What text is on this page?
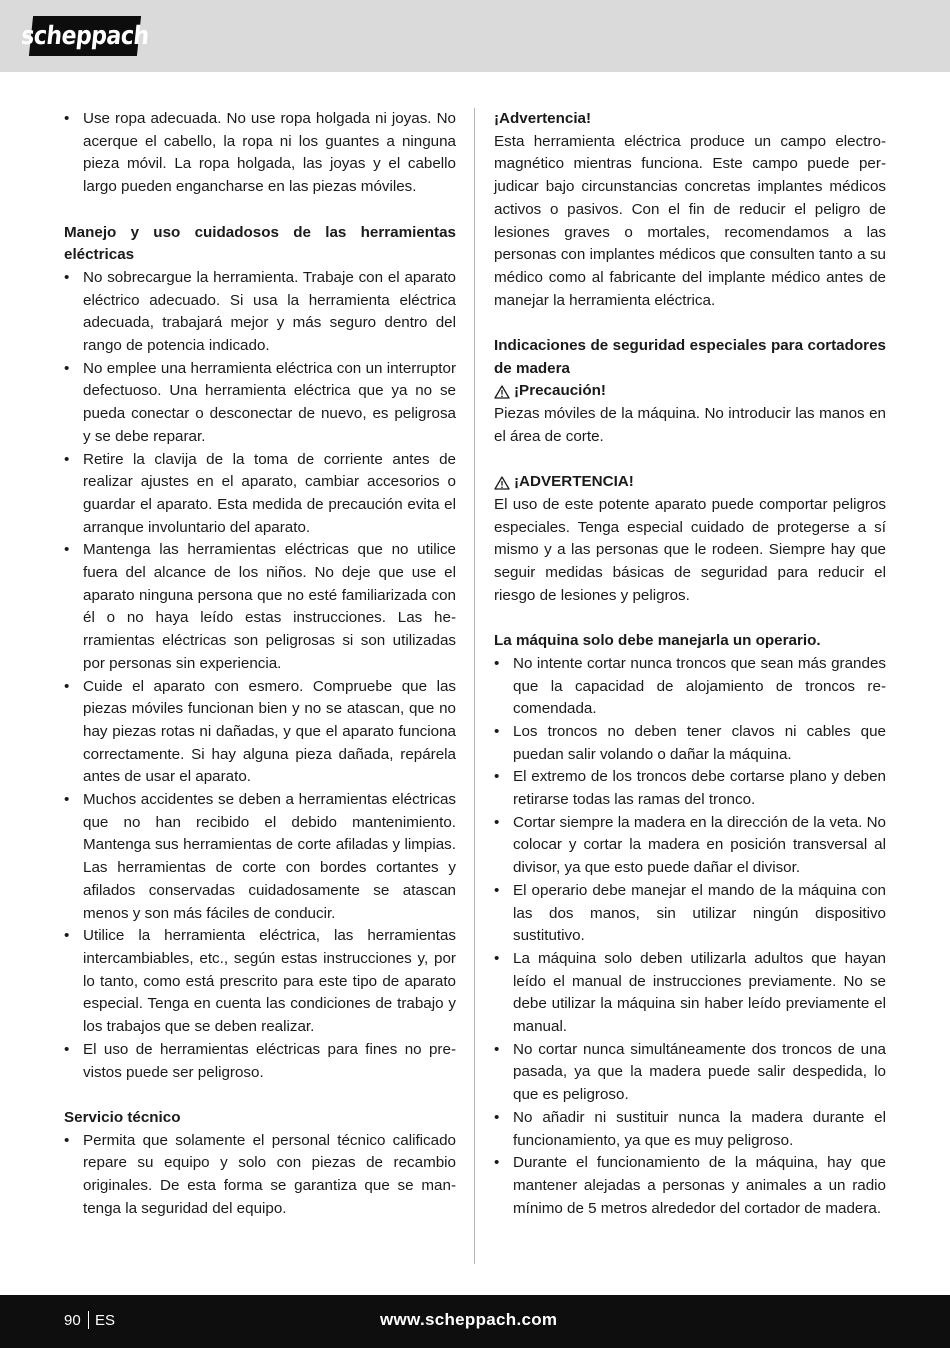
scheppach
• Use ropa adecuada. No use ropa holgada ni joyas. No acerque el cabello, la ropa ni los guantes a ninguna pieza móvil. La ropa holgada, las joyas y el cabello largo pueden engancharse en las piezas móviles.

Manejo y uso cuidadosos de las herramientas eléctricas

• No sobrecargue la herramienta. Trabaje con el aparato eléctrico adecuado. Si usa la herramienta eléctrica adecuada, trabajará mejor y más seguro dentro del rango de potencia indicado.
• No emplee una herramienta eléctrica con un interruptor defectuoso. Una herramienta eléctrica que ya no se pueda conectar o desconectar de nuevo, es peligrosa y se debe reparar.
• Retire la clavija de la toma de corriente antes de realizar ajustes en el aparato, cambiar accesorios o guardar el aparato. Esta medida de precaución evita el arranque involuntario del aparato.
• Mantenga las herramientas eléctricas que no utilice fuera del alcance de los niños. No deje que use el aparato ninguna persona que no esté familiarizada con él o no haya leído estas instrucciones. Las herramientas eléctricas son peligrosas si son utilizadas por personas sin experiencia.
• Cuide el aparato con esmero. Compruebe que las piezas móviles funcionan bien y no se atascan, que no hay piezas rotas ni dañadas, y que el aparato funciona correctamente. Si hay alguna pieza dañada, repárela antes de usar el aparato.
• Muchos accidentes se deben a herramientas eléctricas que no han recibido el debido mantenimiento. Mantenga sus herramientas de corte afiladas y limpias. Las herramientas de corte con bordes cortantes y afilados conservadas cuidadosamente se atascan menos y son más fáciles de conducir.
• Utilice la herramienta eléctrica, las herramientas intercambiables, etc., según estas instrucciones y, por lo tanto, como está prescrito para este tipo de aparato especial. Tenga en cuenta las condiciones de trabajo y los trabajos que se deben realizar.
• El uso de herramientas eléctricas para fines no previstos puede ser peligroso.

Servicio técnico

• Permita que solamente el personal técnico calificado repare su equipo y solo con piezas de recambio originales. De esta forma se garantiza que se mantenga la seguridad del equipo.

¡Advertencia!

Esta herramienta eléctrica produce un campo electromagnético mientras funciona. Este campo puede perjudicar bajo circunstancias concretas implantes médicos activos o pasivos. Con el fin de reducir el peligro de lesiones graves o mortales, recomendamos a las personas con implantes médicos que consulten tanto a su médico como al fabricante del implante médico antes de manejar la herramienta eléctrica.

Indicaciones de seguridad especiales para cortadores de madera

¡Precaución!

Piezas móviles de la máquina. No introducir las manos en el área de corte.

¡ADVERTENCIA!

El uso de este potente aparato puede comportar peligros especiales. Tenga especial cuidado de protegerse a sí mismo y a las personas que le rodeen. Siempre hay que seguir medidas básicas de seguridad para reducir el riesgo de lesiones y peligros.

La máquina solo debe manejarla un operario.

• No intente cortar nunca troncos que sean más grandes que la capacidad de alojamiento de troncos recomendada.
• Los troncos no deben tener clavos ni cables que puedan salir volando o dañar la máquina.
• El extremo de los troncos debe cortarse plano y deben retirarse todas las ramas del tronco.
• Cortar siempre la madera en la dirección de la veta. No colocar y cortar la madera en posición transversal al divisor, ya que esto puede dañar el divisor.
• El operario debe manejar el mando de la máquina con las dos manos, sin utilizar ningún dispositivo sustitutivo.
• La máquina solo deben utilizarla adultos que hayan leído el manual de instrucciones previamente. No se debe utilizar la máquina sin haber leído previamente el manual.
• No cortar nunca simultáneamente dos troncos de una pasada, ya que la madera puede salir despedida, lo que es peligroso.
• No añadir ni sustituir nunca la madera durante el funcionamiento, ya que es muy peligroso.
• Durante el funcionamiento de la máquina, hay que mantener alejadas a personas y animales a un radio mínimo de 5 metros alrededor del cortador de madera.
90 ES	www.scheppach.com
